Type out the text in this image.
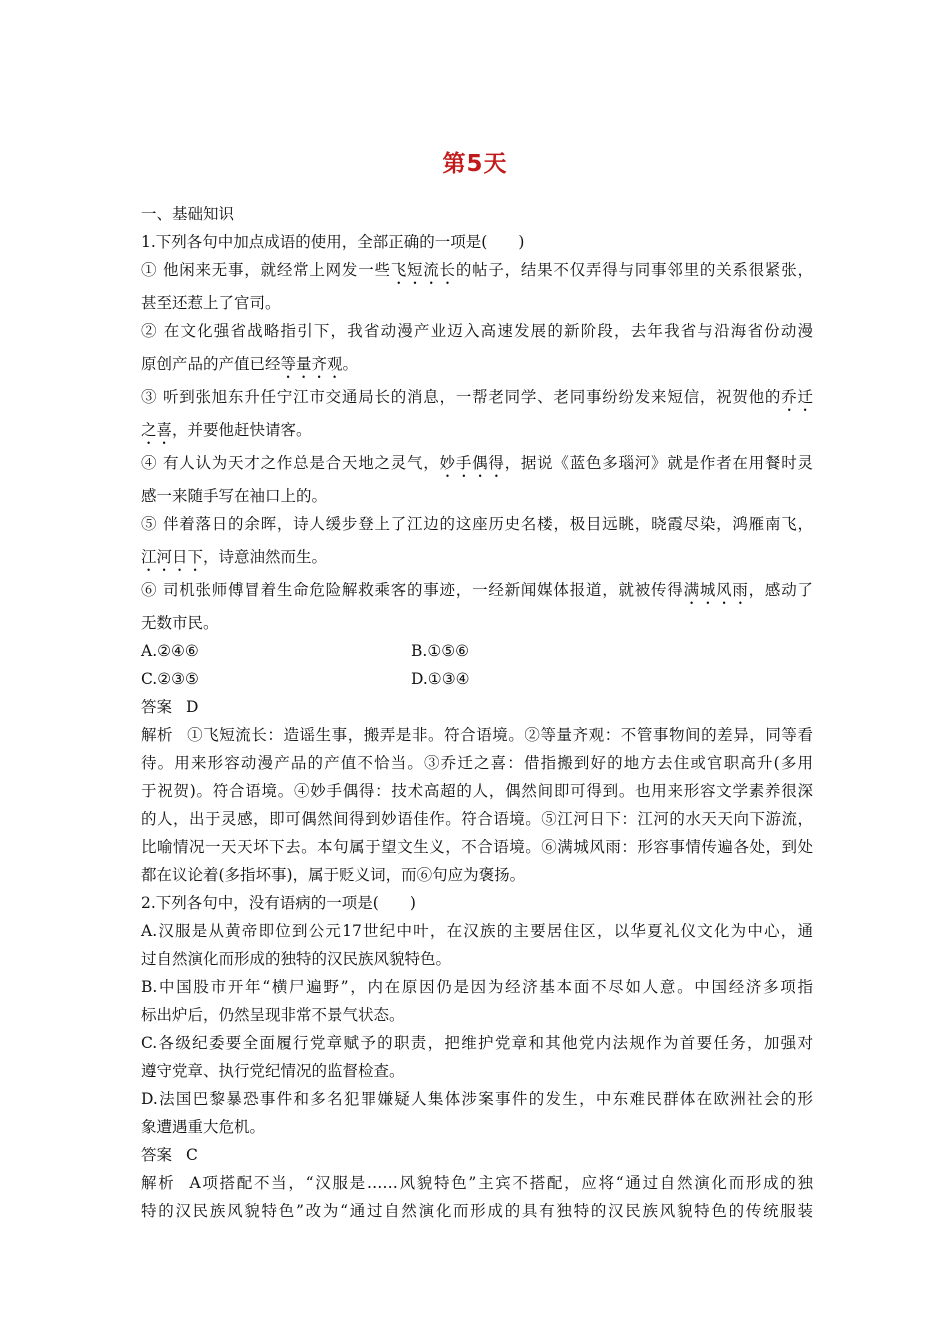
第5天
一、基础知识
1.下列各句中加点成语的使用，全部正确的一项是(　　)
① 他闲来无事，就经常上网发一些飞短流长的帖子，结果不仅弄得与同事邻里的关系很紧张，
甚至还惹上了官司。
② 在文化强省战略指引下，我省动漫产业迈入高速发展的新阶段，去年我省与沿海省份动漫
原创产品的产值已经等量齐观。
③ 听到张旭东升任宁江市交通局长的消息，一帮老同学、老同事纷纷发来短信，祝贺他的乔迁
之喜，并要他赶快请客。
④ 有人认为天才之作总是合天地之灵气，妙手偶得，据说《蓝色多瑙河》就是作者在用餐时灵
感一来随手写在袖口上的。
⑤ 伴着落日的余晖，诗人缓步登上了江边的这座历史名楼，极目远眺，晓霞尽染，鸿雁南飞，
江河日下，诗意油然而生。
⑥ 司机张师傅冒着生命危险解救乘客的事迹，一经新闻媒体报道，就被传得满城风雨，感动了
无数市民。
A.②④⑥	B.①⑤⑥
C.②③⑤	D.①③④
答案 D
解析 ①飞短流长：造谣生事，搬弄是非。符合语境。②等量齐观：不管事物间的差异，同等看
待。用来形容动漫产品的产值不恰当。③乔迁之喜：借指搬到好的地方去住或官职高升(多用
于祝贺)。符合语境。④妙手偶得：技术高超的人，偶然间即可得到。也用来形容文学素养很深
的人，出于灵感，即可偶然间得到妙语佳作。符合语境。⑤江河日下：江河的水天天向下游流，
比喻情况一天天坏下去。本句属于望文生义，不合语境。⑥满城风雨：形容事情传遍各处，到处
都在议论着(多指坏事)，属于贬义词，而⑥句应为褒扬。
2.下列各句中，没有语病的一项是(　　)
A.汉服是从黄帝即位到公元17世纪中叶，在汉族的主要居住区，以华夏礼仪文化为中心，通
过自然演化而形成的独特的汉民族风貌特色。
B.中国股市开年“横尸遍野”，内在原因仍是因为经济基本面不尽如人意。中国经济多项指
标出炉后，仍然呈现非常不景气状态。
C.各级纪委要全面履行党章赋予的职责，把维护党章和其他党内法规作为首要任务，加强对
遵守党章、执行党纪情况的监督检查。
D.法国巴黎暴恐事件和多名犯罪嫌疑人集体涉案事件的发生，中东难民群体在欧洲社会的形
象遭遇重大危机。
答案 C
解析 A项搭配不当，“汉服是……风貌特色”主宾不搭配，应将“通过自然演化而形成的独
特的汉民族风貌特色”改为“通过自然演化而形成的具有独特的汉民族风貌特色的传统服装
